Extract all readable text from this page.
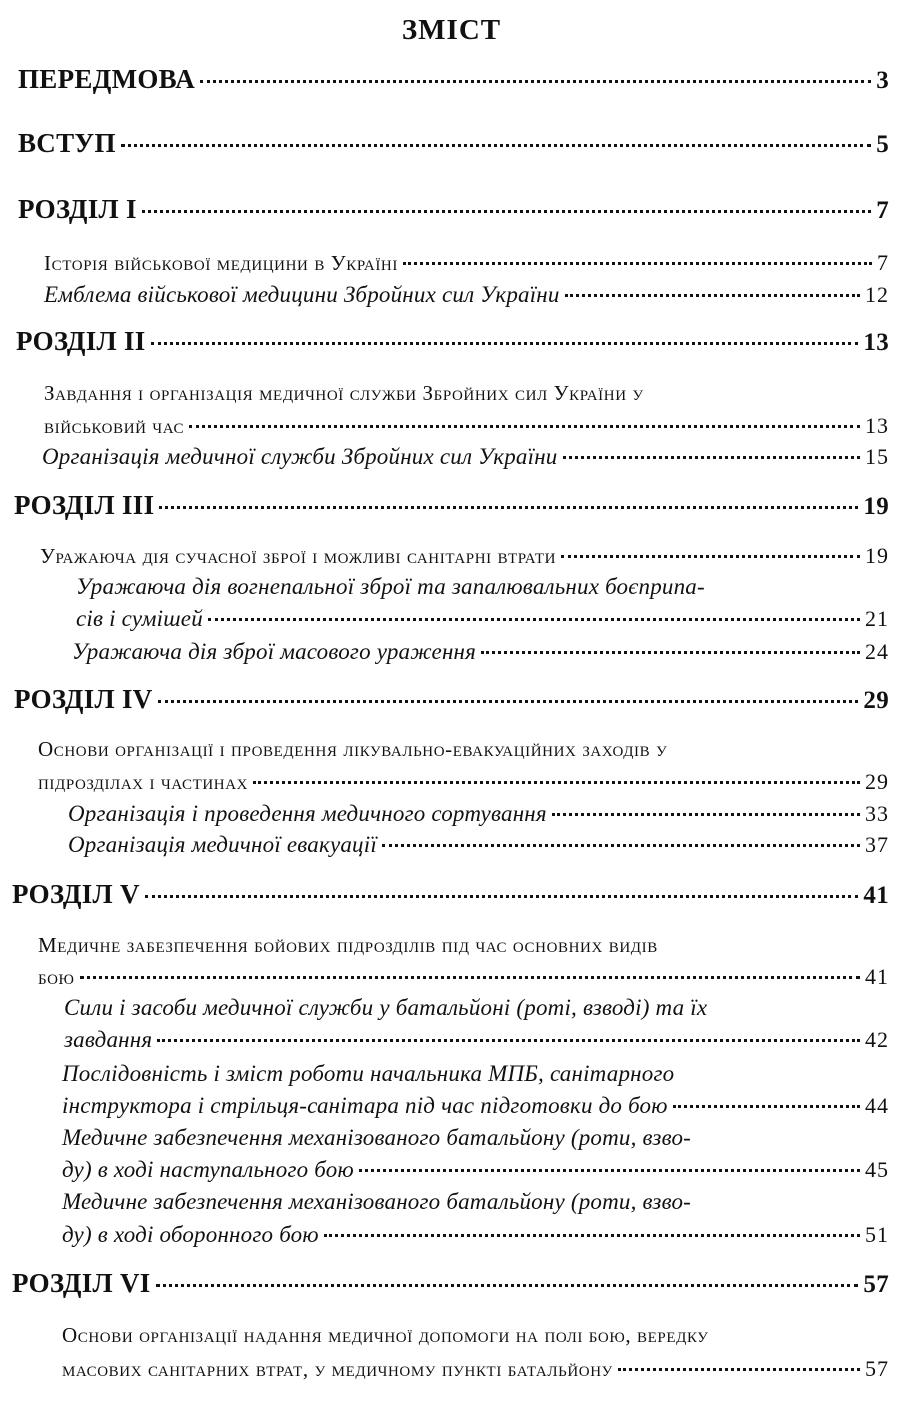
ЗМІСТ
ПЕРЕДМОВА	3
ВСТУП	5
РОЗДІЛ І	7
Історія військової медицини в Україні	7
Емблема військової медицини Збройних сил України	12
РОЗДІЛ ІІ	13
Завдання і організація медичної служби Збройних сил України у
військовий час	13
Організація медичної служби Збройних сил України	15
РОЗДІЛ ІІІ	19
Уражаюча дія сучасної зброї і можливі санітарні втрати	19
Уражаюча дія вогнепальної зброї та запалювальних боєприпа-
сів і сумішей	21
Уражаюча дія зброї масового ураження	24
РОЗДІЛ IV	29
Основи організації і проведення лікувально-евакуаційних заходів у
підрозділах і частинах	29
Організація і проведення медичного сортування	33
Організація медичної евакуації	37
РОЗДІЛ V	41
Медичне забезпечення бойових підрозділів під час основних видів
бою	41
Сили і засоби медичної служби у батальйоні (роті, взводі) та їх
завдання	42
Послідовність і зміст роботи начальника МПБ, санітарного
інструктора і стрільця-санітара під час підготовки до бою	44
Медичне забезпечення механізованого батальйону (роти, взво-
ду) в ході наступального бою	45
Медичне забезпечення механізованого батальйону (роти, взво-
ду) в ході оборонного бою	51
РОЗДІЛ VI	57
Основи організації надання медичної допомоги на полі бою, вередку
масових санітарних втрат, у медичному пункті батальйону	57
